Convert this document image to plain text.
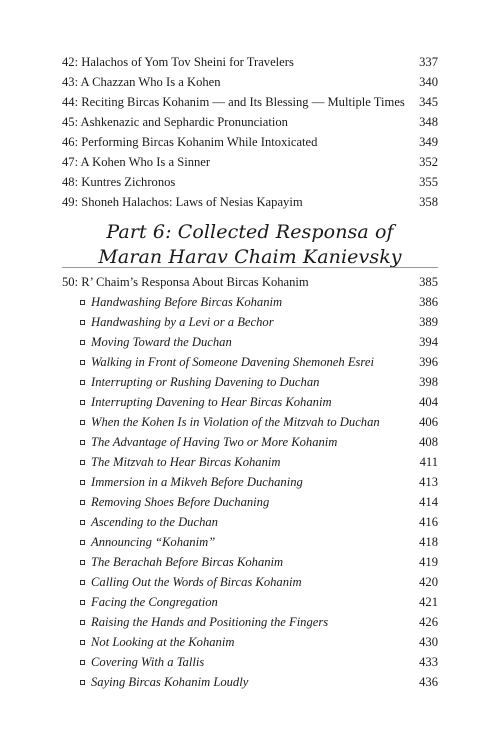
42: Halachos of Yom Tov Sheini for Travelers	337
43: A Chazzan Who Is a Kohen	340
44: Reciting Bircas Kohanim — and Its Blessing — Multiple Times 345
45: Ashkenazic and Sephardic Pronunciation	348
46: Performing Bircas Kohanim While Intoxicated	349
47: A Kohen Who Is a Sinner	352
48: Kuntres Zichronos	355
49: Shoneh Halachos: Laws of Nesias Kapayim	358
Part 6: Collected Responsa of
Maran Harav Chaim Kanievsky
50: R’ Chaim’s Responsa About Bircas Kohanim	385
Handwashing Before Bircas Kohanim	386
Handwashing by a Levi or a Bechor	389
Moving Toward the Duchan	394
Walking in Front of Someone Davening Shemoneh Esrei	396
Interrupting or Rushing Davening to Duchan	398
Interrupting Davening to Hear Bircas Kohanim	404
When the Kohen Is in Violation of the Mitzvah to Duchan	406
The Advantage of Having Two or More Kohanim	408
The Mitzvah to Hear Bircas Kohanim	411
Immersion in a Mikveh Before Duchaning	413
Removing Shoes Before Duchaning	414
Ascending to the Duchan	416
Announcing “Kohanim”	418
The Berachah Before Bircas Kohanim	419
Calling Out the Words of Bircas Kohanim	420
Facing the Congregation	421
Raising the Hands and Positioning the Fingers	426
Not Looking at the Kohanim	430
Covering With a Tallis	433
Saying Bircas Kohanim Loudly	436
